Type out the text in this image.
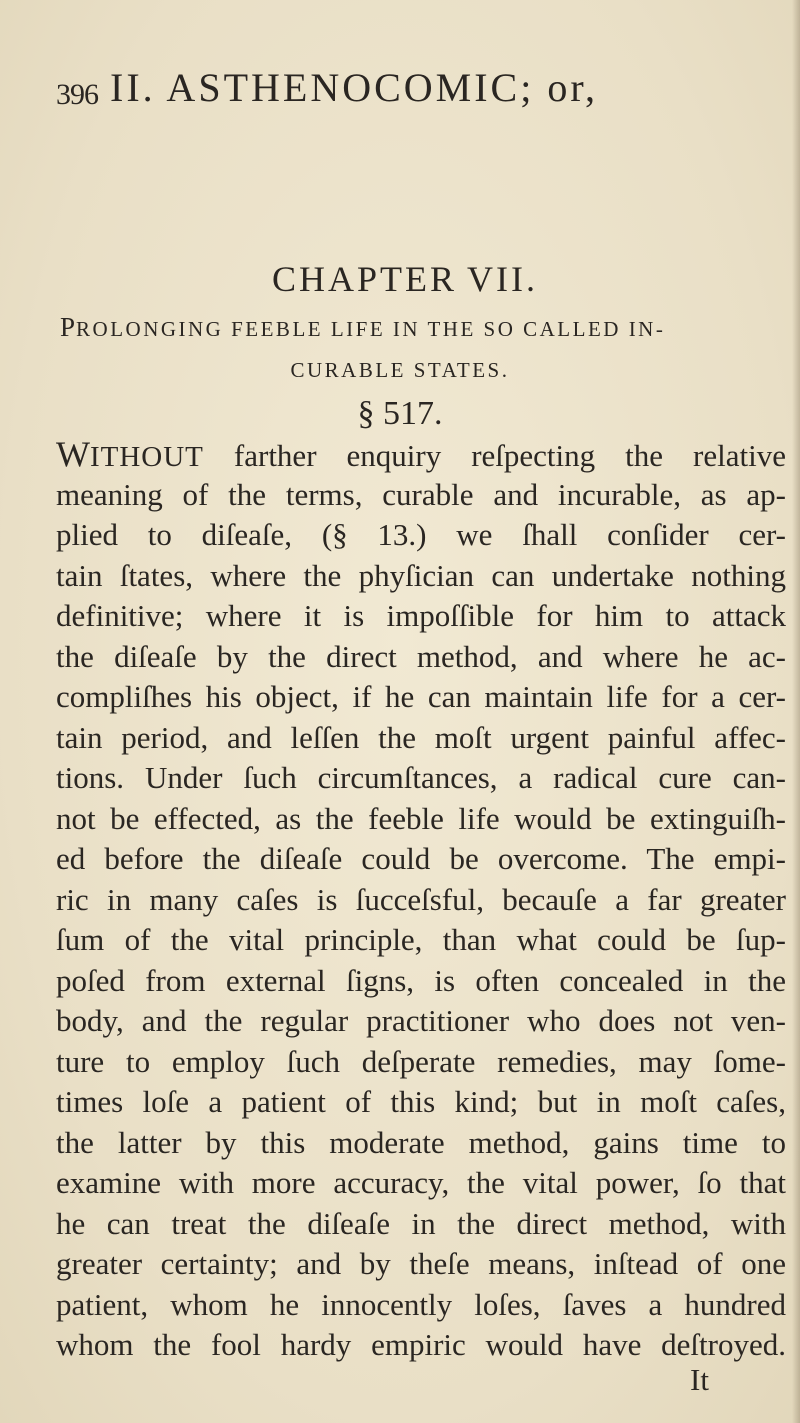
396 II. ASTHENOCOMIC; or,
CHAPTER VII.
PROLONGING FEEBLE LIFE IN THE SO CALLED IN-
CURABLE STATES.
§ 517.
WITHOUT farther enquiry reſpecting the relative
meaning of the terms, curable and incurable, as ap-
plied to diſeaſe, (§ 13.) we ſhall conſider cer-
tain ſtates, where the phyſician can undertake nothing
definitive; where it is impoſſible for him to attack
the diſeaſe by the direct method, and where he ac-
compliſhes his object, if he can maintain life for a cer-
tain period, and leſſen the moſt urgent painful affec-
tions. Under ſuch circumſtances, a radical cure can-
not be effected, as the feeble life would be extinguiſh-
ed before the diſeaſe could be overcome. The empi-
ric in many caſes is ſucceſsful, becauſe a far greater
ſum of the vital principle, than what could be ſup-
poſed from external ſigns, is often concealed in the
body, and the regular practitioner who does not ven-
ture to employ ſuch deſperate remedies, may ſome-
times loſe a patient of this kind; but in moſt caſes,
the latter by this moderate method, gains time to
examine with more accuracy, the vital power, ſo that
he can treat the diſeaſe in the direct method, with
greater certainty; and by theſe means, inſtead of one
patient, whom he innocently loſes, ſaves a hundred
whom the fool hardy empiric would have deſtroyed.
It
